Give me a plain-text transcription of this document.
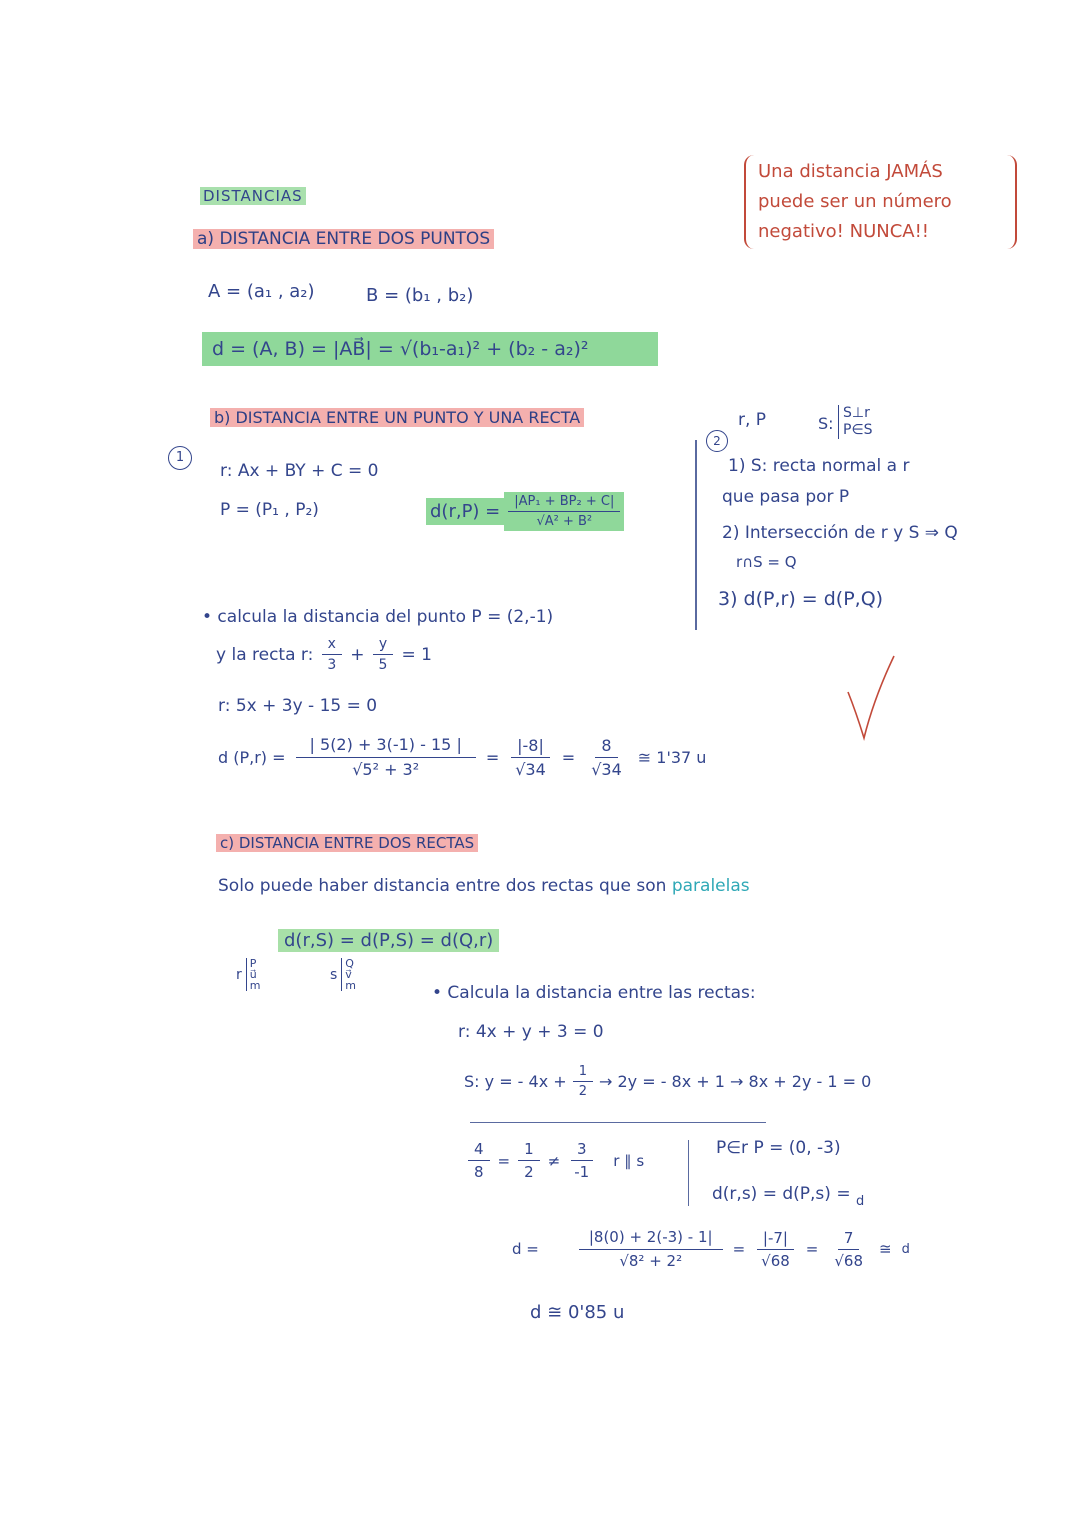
Una distancia JAMÁS
puede ser un número
negativo! NUNCA!!
DISTANCIAS
a) DISTANCIA ENTRE DOS PUNTOS
A = (a₁ , a₂)	B = (b₁ , b₂)
d = (A, B) = |AB⃗| = √(b₁-a₁)² + (b₂ - a₂)²
b) DISTANCIA ENTRE UN PUNTO Y UNA RECTA
1
r: Ax + BY + C = 0
P = (P₁ , P₂)	$d(r,P) = \frac{\text{|AP₁ + BP₂ + C|}}{\text{√A² + B²}}$
2
r, P	S:
S⊥r
P∈S
1) S: recta normal a r
que pasa por P
2) Intersección de r y S ⇒ Q
r∩S = Q
3) d(P,r) = d(P,Q)
• calcula la distancia del punto P = (2,-1)
y la recta r: $\frac{x}{3} + \frac{y}{5} = 1$
r: 5x + 3y - 15 = 0
d $(P,r) = \frac{| 5(2) + 3(-1) - 15 |}{\text{√5² + 3²}} = \frac{|-8|}{√34} = \frac{8}{√34}$ ≅ 1'37 u
c) DISTANCIA ENTRE DOS RECTAS
Solo puede haber distancia entre dos rectas que son paralelas
d(r,S) = d(P,S) = d(Q,r)
r
P
u⃗
m
s
Q
v⃗
m	• Calcula la distancia entre las rectas:
r: 4x + y + 3 = 0
S: y = - $4x + \frac{1}{2} \to 2y$ = - 8x + 1 → 8x + 2y - 1 = 0
$\frac{4}{8} = \frac{1}{2} \ne \frac{3}{-1}$ r ∥ s
P∈r P = (0, -3)
d(r,s) = d(P,s) = $_d$
d =	$\frac{|8(0) + 2(-3) - 1|}{\text{√8² + 2²}} = \frac{|-7|}{√68} = \frac{7}{√68}$ ≅ d
d ≅ 0'85 u
